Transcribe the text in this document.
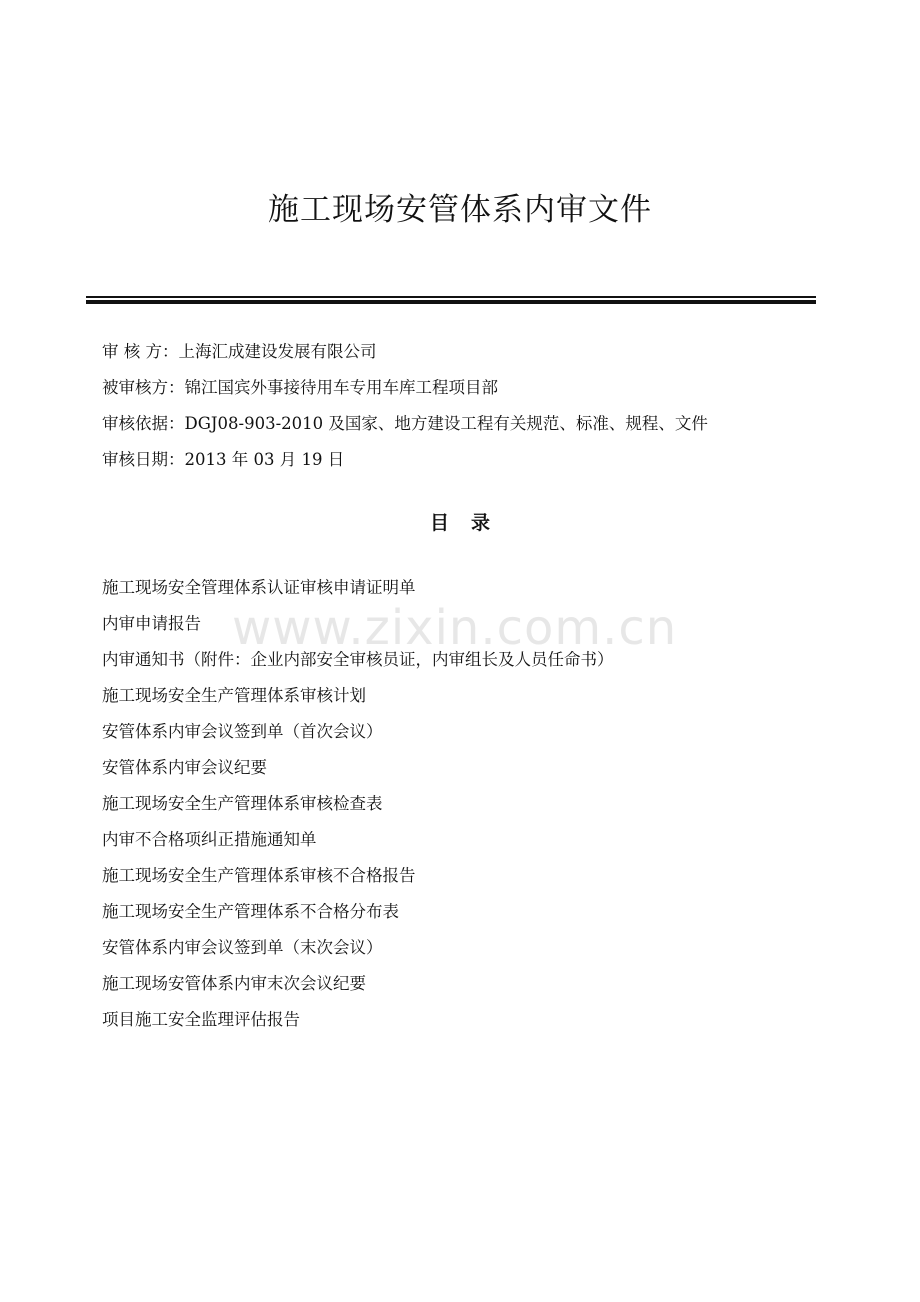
施工现场安管体系内审文件
审 核 方：上海汇成建设发展有限公司
被审核方：锦江国宾外事接待用车专用车库工程项目部
审核依据：DGJ08-903-2010 及国家、地方建设工程有关规范、标准、规程、文件
审核日期：2013 年 03 月 19 日
目录
施工现场安全管理体系认证审核申请证明单
内审申请报告
内审通知书（附件：企业内部安全审核员证，内审组长及人员任命书）
施工现场安全生产管理体系审核计划
安管体系内审会议签到单（首次会议）
安管体系内审会议纪要
施工现场安全生产管理体系审核检查表
内审不合格项纠正措施通知单
施工现场安全生产管理体系审核不合格报告
施工现场安全生产管理体系不合格分布表
安管体系内审会议签到单（末次会议）
施工现场安管体系内审末次会议纪要
项目施工安全监理评估报告
www.zixin.com.cn
